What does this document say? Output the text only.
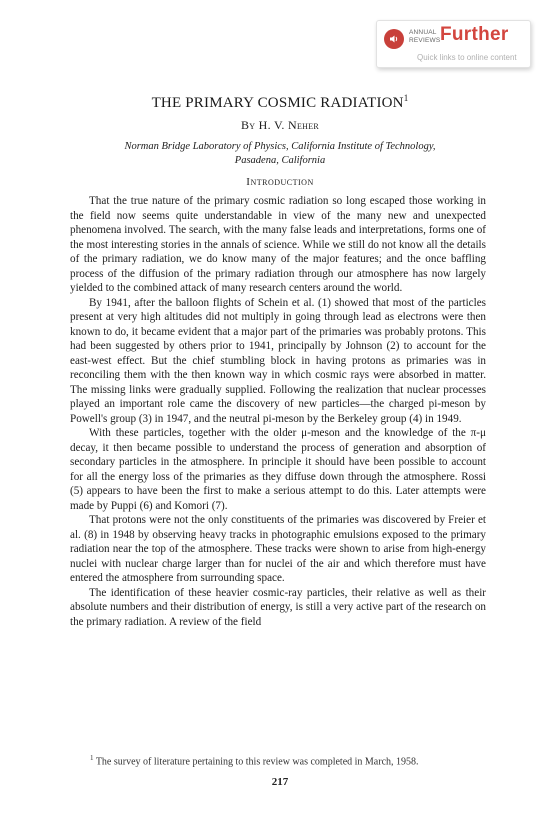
ANNUAL
REVIEWS Further
Quick links to online content
THE PRIMARY COSMIC RADIATION$^1$
By H. V. Neher
Norman Bridge Laboratory of Physics, California Institute of Technology,
Pasadena, California
Introduction

That the true nature of the primary cosmic radiation so long escaped those working in the field now seems quite understandable in view of the many new and unexpected phenomena involved. The search, with the many false leads and interpretations, forms one of the most interesting stories in the annals of science. While we still do not know all the details of the primary radiation, we do know many of the major features; and the once baffling process of the diffusion of the primary radiation through our atmosphere has now largely yielded to the combined attack of many research centers around the world.

By 1941, after the balloon flights of Schein et al. (1) showed that most of the particles present at very high altitudes did not multiply in going through lead as electrons were then known to do, it became evident that a major part of the primaries was probably protons. This had been suggested by others prior to 1941, principally by Johnson (2) to account for the east-west effect. But the chief stumbling block in having protons as primaries was in reconciling them with the then known way in which cosmic rays were absorbed in matter. The missing links were gradually supplied. Following the realization that nuclear processes played an important role came the discovery of new particles—the charged pi-meson by Powell's group (3) in 1947, and the neutral pi-meson by the Berkeley group (4) in 1949.

With these particles, together with the older μ-meson and the knowledge of the π-μ decay, it then became possible to understand the process of generation and absorption of secondary particles in the atmosphere. In principle it should have been possible to account for all the energy loss of the primaries as they diffuse down through the atmosphere. Rossi (5) appears to have been the first to make a serious attempt to do this. Later attempts were made by Puppi (6) and Komori (7).

That protons were not the only constituents of the primaries was discovered by Freier et al. (8) in 1948 by observing heavy tracks in photographic emulsions exposed to the primary radiation near the top of the atmosphere. These tracks were shown to arise from high-energy nuclei with nuclear charge larger than for nuclei of the air and which therefore must have entered the atmosphere from surrounding space.

The identification of these heavier cosmic-ray particles, their relative as well as their absolute numbers and their distribution of energy, is still a very active part of the research on the primary radiation. A review of the field

$^1$ The survey of literature pertaining to this review was completed in March, 1958.
217
